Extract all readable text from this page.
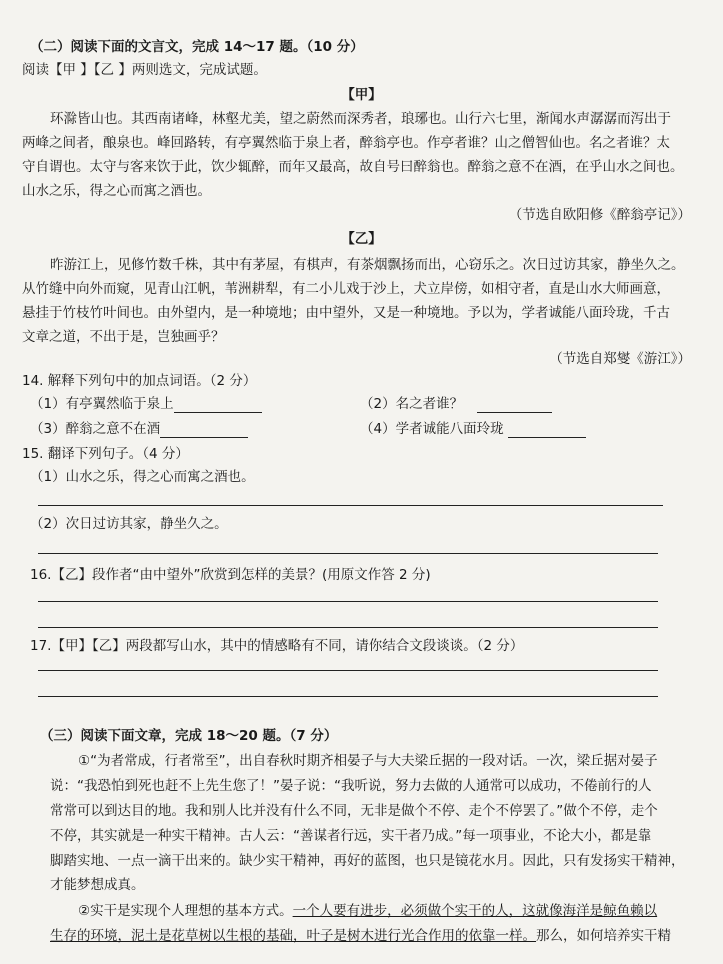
（二）阅读下面的文言文，完成 14～17 题。（10 分）
阅读【甲 】【乙 】两则选文，完成试题。
【甲】
环滁皆山也。其西南诸峰，林壑尤美，望之蔚然而深秀者，琅琊也。山行六七里，渐闻水声潺潺而泻出于
两峰之间者，酿泉也。峰回路转，有亭翼然临于泉上者，醉翁亭也。作亭者谁？山之僧智仙也。名之者谁？太
守自谓也。太守与客来饮于此，饮少辄醉，而年又最高，故自号曰醉翁也。醉翁之意不在酒，在乎山水之间也。
山水之乐，得之心而寓之酒也。
（节选自欧阳修《醉翁亭记》）
【乙】
昨游江上，见修竹数千株，其中有茅屋，有棋声，有茶烟飘扬而出，心窃乐之。次日过访其家，静坐久之。
从竹缝中向外而窥，见青山江帆，苇洲耕犁，有二小儿戏于沙上，犬立岸傍，如相守者，直是山水大师画意，
悬挂于竹枝竹叶间也。由外望内，是一种境地；由中望外，又是一种境地。予以为，学者诚能八面玲珑，千古
文章之道，不出于是，岂独画乎？
（节选自郑燮《游江》）
14. 解释下列句中的加点词语。（2 分）
（1）有亭翼然临于泉上	（2）名之者谁？
（3）醉翁之意不在酒	（4）学者诚能八面玲珑
15. 翻译下列句子。（4 分）
（1）山水之乐，得之心而寓之酒也。
（2）次日过访其家，静坐久之。
16.【乙】段作者“由中望外”欣赏到怎样的美景？(用原文作答 2 分)
17.【甲】【乙】两段都写山水，其中的情感略有不同，请你结合文段谈谈。（2 分）
（三）阅读下面文章，完成 18～20 题。（7 分）
①“为者常成，行者常至”，出自春秋时期齐相晏子与大夫梁丘据的一段对话。一次，梁丘据对晏子
说：“我恐怕到死也赶不上先生您了！”晏子说：“我听说，努力去做的人通常可以成功，不倦前行的人
常常可以到达目的地。我和别人比并没有什么不同，无非是做个不停、走个不停罢了。”做个不停，走个
不停，其实就是一种实干精神。古人云：“善谋者行远，实干者乃成。”每一项事业，不论大小，都是靠
脚踏实地、一点一滴干出来的。缺少实干精神，再好的蓝图，也只是镜花水月。因此，只有发扬实干精神，
才能梦想成真。
②实干是实现个人理想的基本方式。一个人要有进步，必须做个实干的人，这就像海洋是鲸鱼赖以
生存的环境，泥土是花草树以生根的基础，叶子是树木进行光合作用的依靠一样。那么，如何培养实干精
